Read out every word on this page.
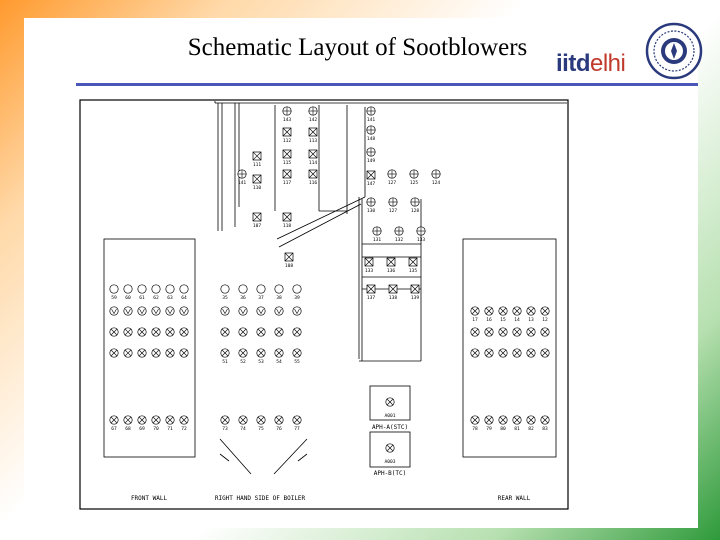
Schematic Layout of Sootblowers
iitdelhi
143
112
115
117
118
142
113
114
116
141
148
149
147
111
110
107
141	127	125	124
130	127	128
131	132	133
133	136	135
137	138	139
108
59 60 61 62 63 64
67 68 69 70 71 72
35	36	37	38	39
51	52	53	54	55
73	74	75	76	77
17 16 15 14 13 12
78 79 80 81 82 83
FRONT WALL	RIGHT HAND SIDE OF BOILER	REAR WALL
A001
APH-A(STC)
A003
APH-B(TC)
